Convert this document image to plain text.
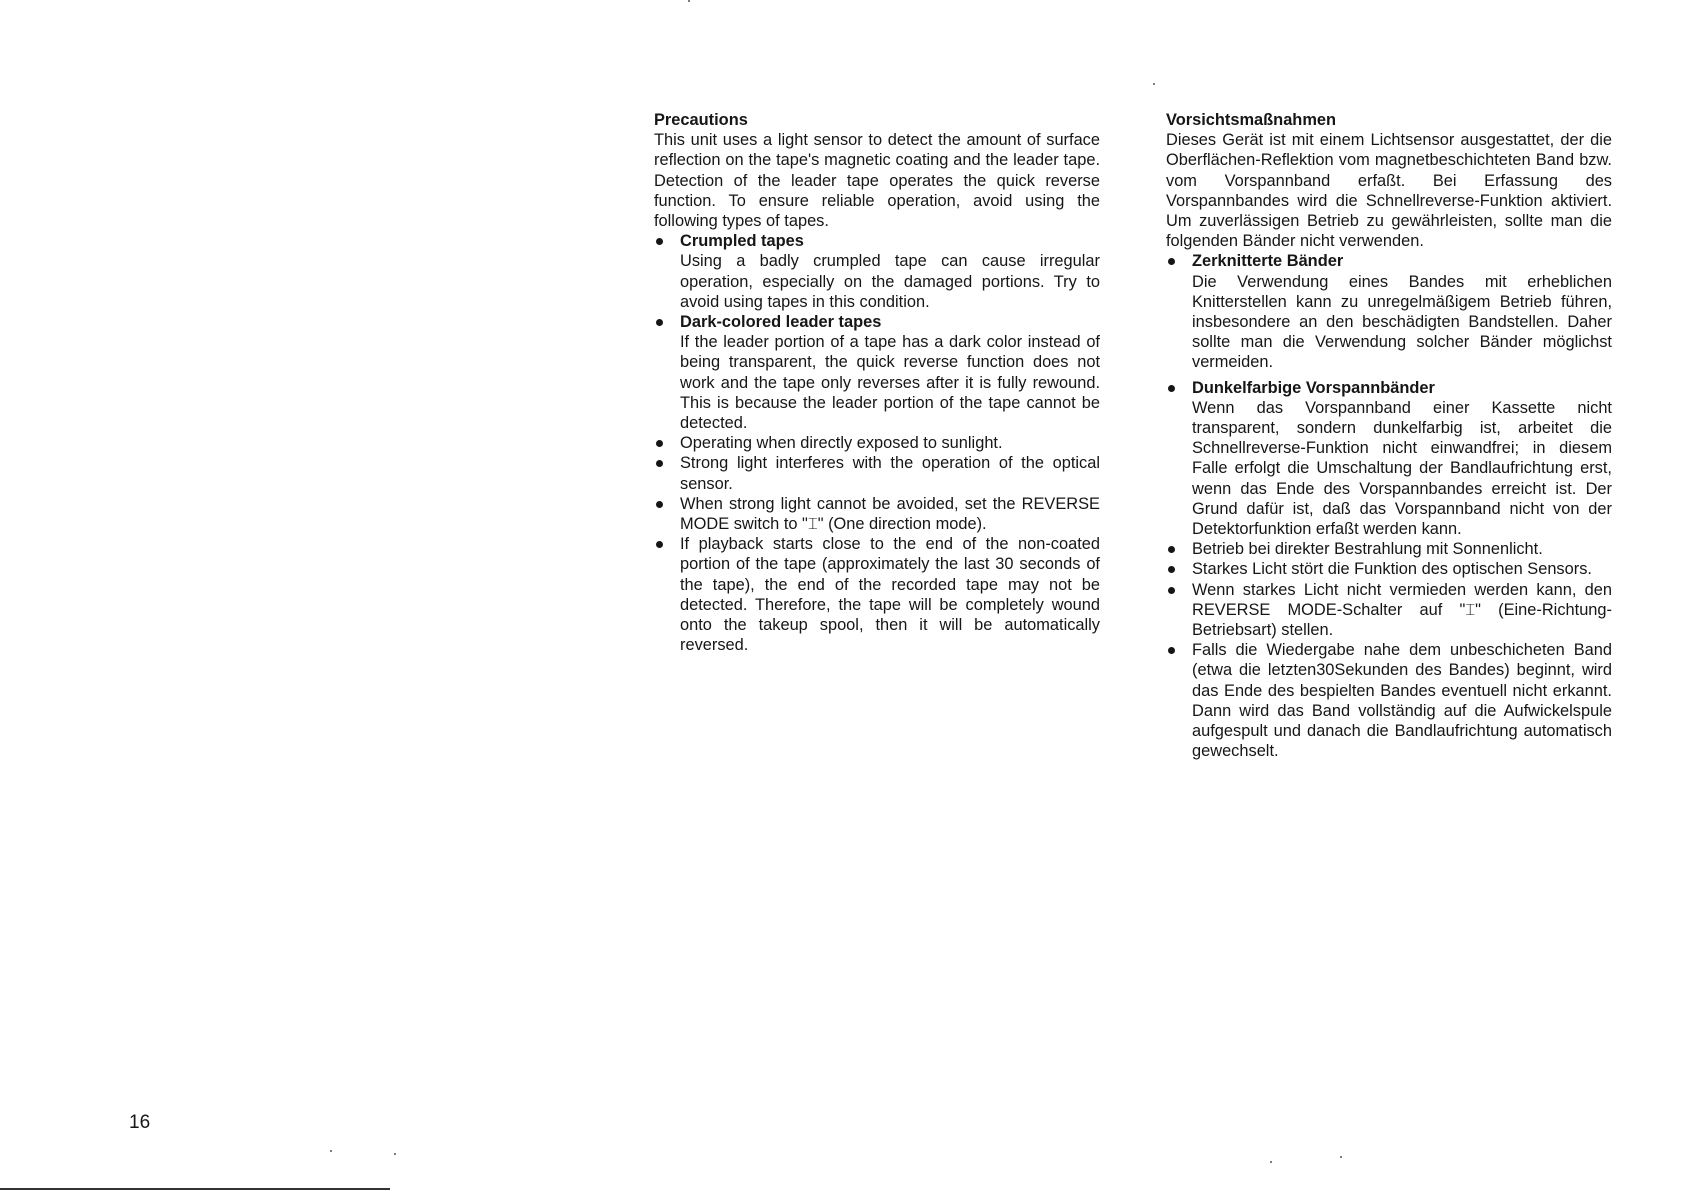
Precautions

This unit uses a light sensor to detect the amount of surface reflection on the tape's magnetic coating and the leader tape. Detection of the leader tape operates the quick reverse function. To ensure reliable operation, avoid using the following types of tapes.

Crumpled tapes
Using a badly crumpled tape can cause irregular operation, especially on the damaged portions. Try to avoid using tapes in this condition.
Dark-colored leader tapes
If the leader portion of a tape has a dark color instead of being transparent, the quick reverse function does not work and the tape only reverses after it is fully rewound. This is because the leader portion of the tape cannot be detected.
Operating when directly exposed to sunlight.
Strong light interferes with the operation of the optical sensor.
When strong light cannot be avoided, set the REVERSE MODE switch to "⌶" (One direction mode).
If playback starts close to the end of the non-coated portion of the tape (approximately the last 30 seconds of the tape), the end of the recorded tape may not be detected. Therefore, the tape will be completely wound onto the takeup spool, then it will be automatically reversed.
Vorsichtsmaßnahmen

Dieses Gerät ist mit einem Lichtsensor ausgestattet, der die Oberflächen-Reflektion vom magnetbeschichteten Band bzw. vom Vorspannband erfaßt. Bei Erfassung des Vorspannbandes wird die Schnellreverse-Funktion aktiviert. Um zuverlässigen Betrieb zu gewährleisten, sollte man die folgenden Bänder nicht verwenden.

Zerknitterte Bänder
Die Verwendung eines Bandes mit erheblichen Knitterstellen kann zu unregelmäßigem Betrieb führen, insbesondere an den beschädigten Bandstellen. Daher sollte man die Verwendung solcher Bänder möglichst vermeiden.
Dunkelfarbige Vorspannbänder
Wenn das Vorspannband einer Kassette nicht transparent, sondern dunkelfarbig ist, arbeitet die Schnellreverse-Funktion nicht einwandfrei; in diesem Falle erfolgt die Umschaltung der Bandlaufrichtung erst, wenn das Ende des Vorspannbandes erreicht ist. Der Grund dafür ist, daß das Vorspannband nicht von der Detektorfunktion erfaßt werden kann.
Betrieb bei direkter Bestrahlung mit Sonnenlicht.
Starkes Licht stört die Funktion des optischen Sensors.
Wenn starkes Licht nicht vermieden werden kann, den REVERSE MODE-Schalter auf "⌶" (Eine-Richtung-Betriebsart) stellen.
Falls die Wiedergabe nahe dem unbeschicheten Band (etwa die letzten30Sekunden des Bandes) beginnt, wird das Ende des bespielten Bandes eventuell nicht erkannt. Dann wird das Band vollständig auf die Aufwickelspule aufgespult und danach die Bandlaufrichtung automatisch gewechselt.
16
